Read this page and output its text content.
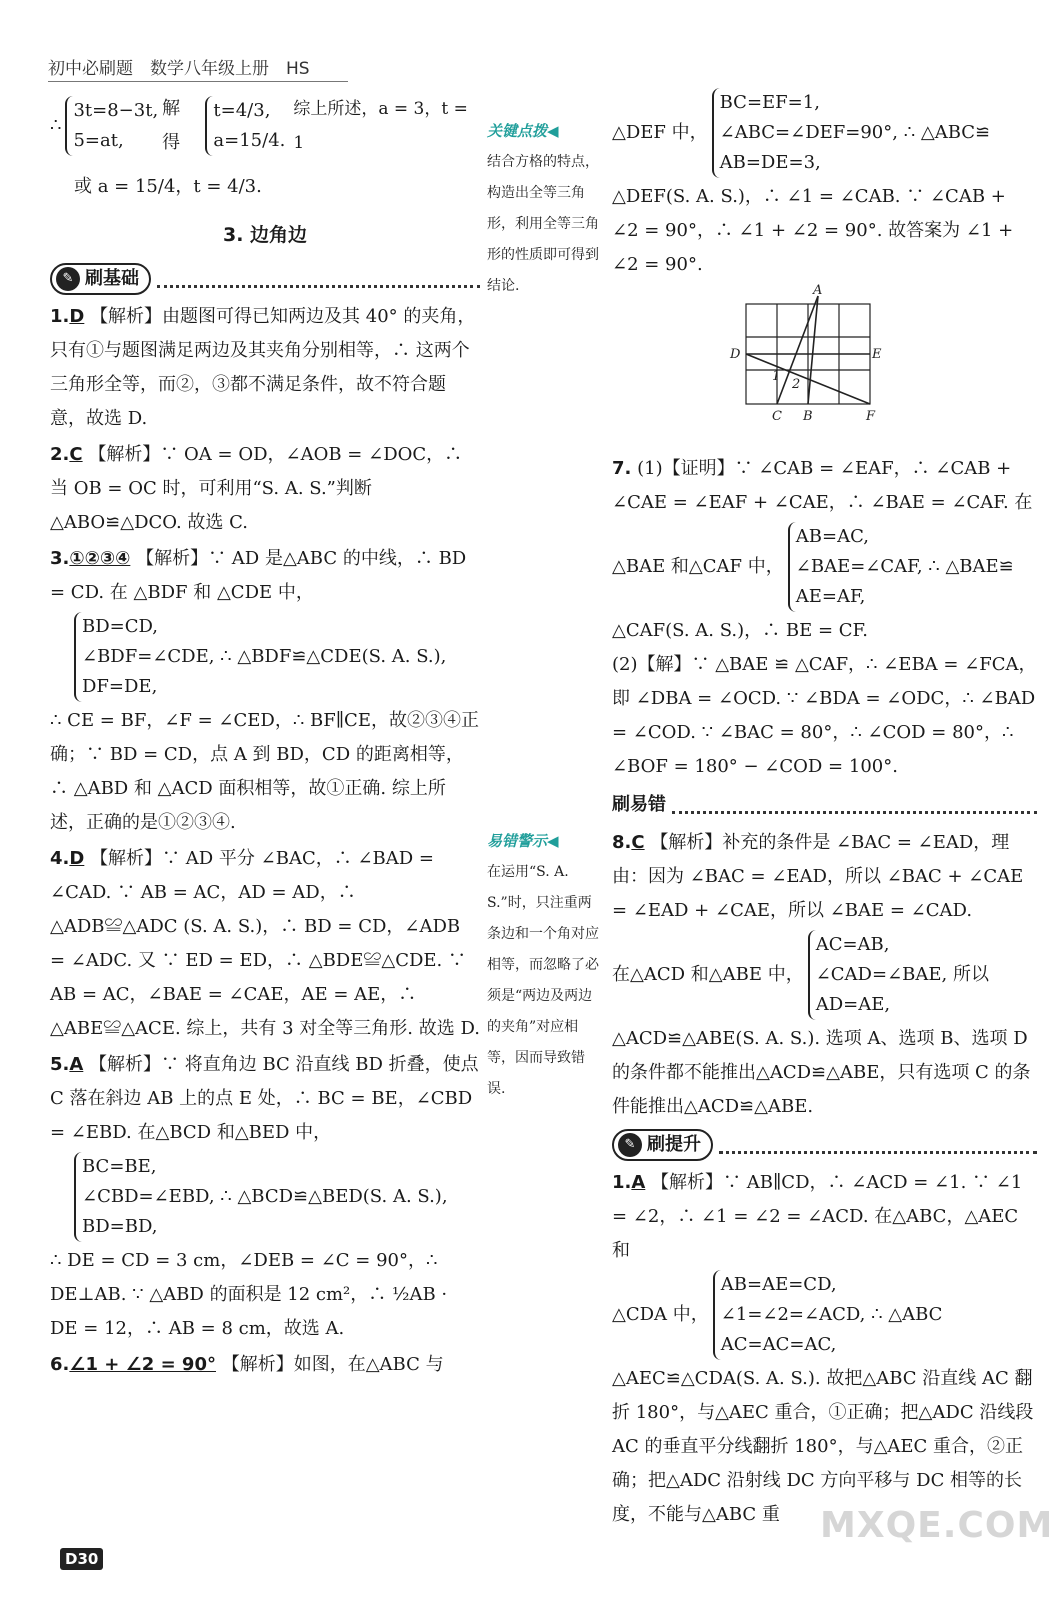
初中必刷题　数学八年级上册　HS
∴
3t=8−3t,
5=at,
解得
t=4/3,
a=15/4.
综上所述，a = 3，t = 1
或 a = 15/4，t = 4/3.
3. 边角边
✎ 刷基础
1.D 【解析】由题图可得已知两边及其 40° 的夹角，只有①与题图满足两边及其夹角分别相等，∴ 这两个三角形全等，而②，③都不满足条件，故不符合题意，故选 D.
2.C 【解析】∵ OA = OD，∠AOB = ∠DOC，∴ 当 OB = OC 时，可利用“S. A. S.”判断△ABO≌△DCO. 故选 C.
3.①②③④ 【解析】∵ AD 是△ABC 的中线，∴ BD = CD. 在 △BDF 和 △CDE 中，
BD=CD,
∠BDF=∠CDE, ∴ △BDF≌△CDE(S. A. S.),
DF=DE,
∴ CE = BF，∠F = ∠CED，∴ BF∥CE，故②③④正确；∵ BD = CD，点 A 到 BD，CD 的距离相等，∴ △ABD 和 △ACD 面积相等，故①正确. 综上所述，正确的是①②③④.
4.D 【解析】∵ AD 平分 ∠BAC，∴ ∠BAD = ∠CAD. ∵ AB = AC，AD = AD，∴ △ADB≌△ADC (S. A. S.)，∴ BD = CD，∠ADB = ∠ADC. 又 ∵ ED = ED，∴ △BDE≌△CDE. ∵ AB = AC，∠BAE = ∠CAE，AE = AE，∴ △ABE≌△ACE. 综上，共有 3 对全等三角形. 故选 D.
5.A 【解析】∵ 将直角边 BC 沿直线 BD 折叠，使点 C 落在斜边 AB 上的点 E 处，∴ BC = BE，∠CBD = ∠EBD. 在△BCD 和△BED 中，
BC=BE,
∠CBD=∠EBD, ∴ △BCD≌△BED(S. A. S.),
BD=BD,
∴ DE = CD = 3 cm，∠DEB = ∠C = 90°，∴ DE⊥AB. ∵ △ABD 的面积是 12 cm²，∴ ½AB · DE = 12，∴ AB = 8 cm，故选 A.
6.∠1 + ∠2 = 90° 【解析】如图，在△ABC 与
关键点拨◀
结合方格的特点，构造出全等三角形，利用全等三角形的性质即可得到结论.
易错警示◀
在运用“S. A. S.”时，只注重两条边和一个角对应相等，而忽略了必须是“两边及两边的夹角”对应相等，因而导致错误.
△DEF 中，
BC=EF=1,
∠ABC=∠DEF=90°, ∴ △ABC≌
AB=DE=3,
△DEF(S. A. S.)，∴ ∠1 = ∠CAB. ∵ ∠CAB + ∠2 = 90°，∴ ∠1 + ∠2 = 90°. 故答案为 ∠1 + ∠2 = 90°.
A
D	E
C B	F
1
2
7. (1)【证明】∵ ∠CAB = ∠EAF，∴ ∠CAB + ∠CAE = ∠EAF + ∠CAE，∴ ∠BAE = ∠CAF. 在
△BAE 和△CAF 中，
AB=AC,
∠BAE=∠CAF, ∴ △BAE≌
AE=AF,
△CAF(S. A. S.)，∴ BE = CF.
(2)【解】∵ △BAE ≌ △CAF，∴ ∠EBA = ∠FCA，即 ∠DBA = ∠OCD. ∵ ∠BDA = ∠ODC，∴ ∠BAD = ∠COD. ∵ ∠BAC = 80°，∴ ∠COD = 80°，∴ ∠BOF = 180° − ∠COD = 100°.
刷易错
8.C 【解析】补充的条件是 ∠BAC = ∠EAD，理由：因为 ∠BAC = ∠EAD，所以 ∠BAC + ∠CAE = ∠EAD + ∠CAE，所以 ∠BAE = ∠CAD.
在△ACD 和△ABE 中，
AC=AB,
∠CAD=∠BAE, 所以
AD=AE,
△ACD≌△ABE(S. A. S.). 选项 A、选项 B、选项 D 的条件都不能推出△ACD≌△ABE，只有选项 C 的条件能推出△ACD≌△ABE.
✎ 刷提升
1.A 【解析】∵ AB∥CD，∴ ∠ACD = ∠1. ∵ ∠1 = ∠2，∴ ∠1 = ∠2 = ∠ACD. 在△ABC，△AEC 和
△CDA 中，
AB=AE=CD,
∠1=∠2=∠ACD, ∴ △ABC
AC=AC=AC,
△AEC≌△CDA(S. A. S.). 故把△ABC 沿直线 AC 翻折 180°，与△AEC 重合，①正确；把△ADC 沿线段 AC 的垂直平分线翻折 180°，与△AEC 重合，②正确；把△ADC 沿射线 DC 方向平移与 DC 相等的长度，不能与△ABC 重
D30
MXQE.COM
